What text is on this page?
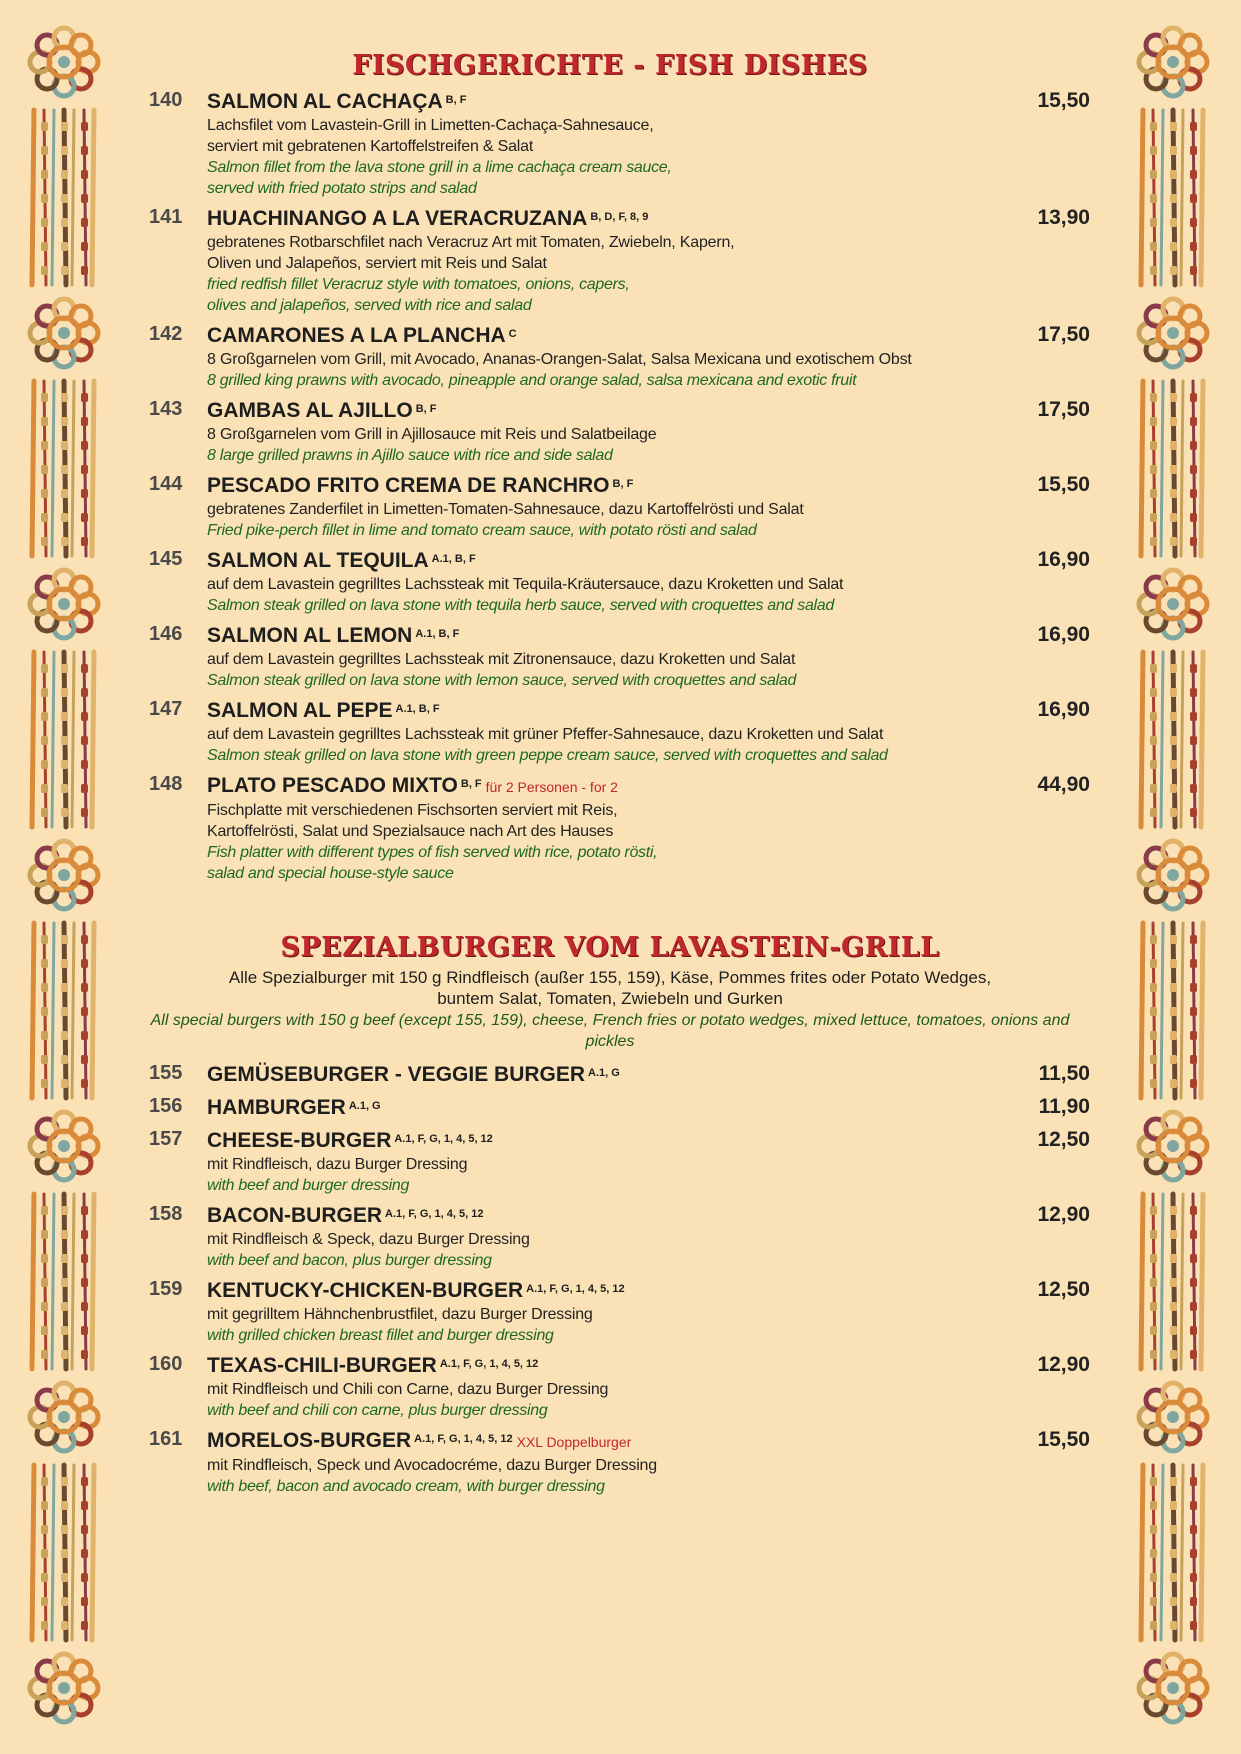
FISCHGERICHTE - FISH DISHES
140 SALMON AL CACHAÇA $^{B, F}$	15,50
Lachsfilet vom Lavastein-Grill in Limetten-Cachaça-Sahnesauce,
serviert mit gebratenen Kartoffelstreifen & Salat
Salmon fillet from the lava stone grill in a lime cachaça cream sauce,
served with fried potato strips and salad
141 HUACHINANGO A LA VERACRUZANA $^{B, D, F, 8, 9}$	13,90
gebratenes Rotbarschfilet nach Veracruz Art mit Tomaten, Zwiebeln, Kapern,
Oliven und Jalapeños, serviert mit Reis und Salat
fried redfish fillet Veracruz style with tomatoes, onions, capers,
olives and jalapeños, served with rice and salad
142 CAMARONES A LA PLANCHA $^C$	17,50
8 Großgarnelen vom Grill, mit Avocado, Ananas-Orangen-Salat, Salsa Mexicana und exotischem Obst
8 grilled king prawns with avocado, pineapple and orange salad, salsa mexicana and exotic fruit
143 GAMBAS AL AJILLO $^{B, F}$	17,50
8 Großgarnelen vom Grill in Ajillosauce mit Reis und Salatbeilage
8 large grilled prawns in Ajillo sauce with rice and side salad
144 PESCADO FRITO CREMA DE RANCHRO $^{B, F}$	15,50
gebratenes Zanderfilet in Limetten-Tomaten-Sahnesauce, dazu Kartoffelrösti und Salat
Fried pike-perch fillet in lime and tomato cream sauce, with potato rösti and salad
145 SALMON AL TEQUILA $^{A.1, B, F}$	16,90
auf dem Lavastein gegrilltes Lachssteak mit Tequila-Kräutersauce, dazu Kroketten und Salat
Salmon steak grilled on lava stone with tequila herb sauce, served with croquettes and salad
146 SALMON AL LEMON $^{A.1, B, F}$	16,90
auf dem Lavastein gegrilltes Lachssteak mit Zitronensauce, dazu Kroketten und Salat
Salmon steak grilled on lava stone with lemon sauce, served with croquettes and salad
147 SALMON AL PEPE $^{A.1, B, F}$	16,90
auf dem Lavastein gegrilltes Lachssteak mit grüner Pfeffer-Sahnesauce, dazu Kroketten und Salat
Salmon steak grilled on lava stone with green peppe cream sauce, served with croquettes and salad
148 PLATO PESCADO MIXTO $^{B, F}$ für 2 Personen - for 2	44,90
Fischplatte mit verschiedenen Fischsorten serviert mit Reis,
Kartoffelrösti, Salat und Spezialsauce nach Art des Hauses
Fish platter with different types of fish served with rice, potato rösti,
salad and special house-style sauce
SPEZIALBURGER VOM LAVASTEIN-GRILL
Alle Spezialburger mit 150 g Rindfleisch (außer 155, 159), Käse, Pommes frites oder Potato Wedges,
buntem Salat, Tomaten, Zwiebeln und Gurken
All special burgers with 150 g beef (except 155, 159), cheese, French fries or potato wedges, mixed lettuce, tomatoes, onions and pickles
155 GEMÜSEBURGER - VEGGIE BURGER $^{A.1, G}$	11,50
156 HAMBURGER $^{A.1, G}$	11,90
157 CHEESE-BURGER $^{A.1, F, G, 1, 4, 5, 12}$	12,50
mit Rindfleisch, dazu Burger Dressing
with beef and burger dressing
158 BACON-BURGER $^{A.1, F, G, 1, 4, 5, 12}$	12,90
mit Rindfleisch & Speck, dazu Burger Dressing
with beef and bacon, plus burger dressing
159 KENTUCKY-CHICKEN-BURGER $^{A.1, F, G, 1, 4, 5, 12}$	12,50
mit gegrilltem Hähnchenbrustfilet, dazu Burger Dressing
with grilled chicken breast fillet and burger dressing
160 TEXAS-CHILI-BURGER $^{A.1, F, G, 1, 4, 5, 12}$	12,90
mit Rindfleisch und Chili con Carne, dazu Burger Dressing
with beef and chili con carne, plus burger dressing
161 MORELOS-BURGER $^{A.1, F, G, 1, 4, 5, 12}$ XXL Doppelburger	15,50
mit Rindfleisch, Speck und Avocadocréme, dazu Burger Dressing
with beef, bacon and avocado cream, with burger dressing
